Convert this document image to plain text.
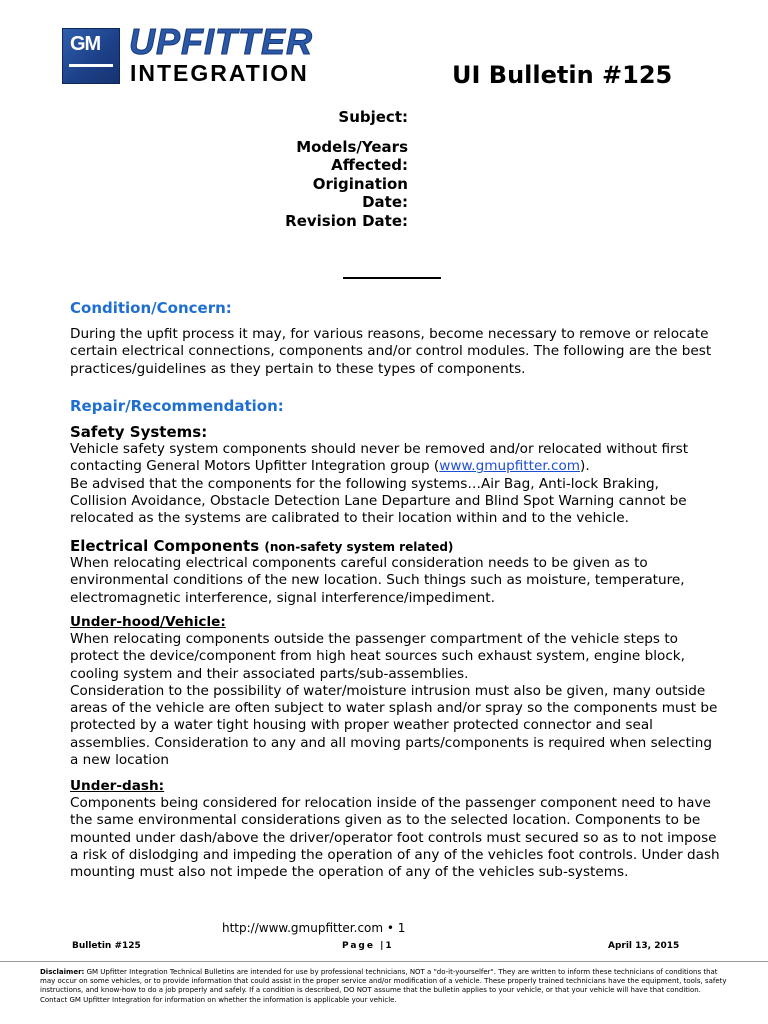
GM UPFITTER
INTEGRATION	UI Bulletin #125
Subject:
Models/Years
Affected:
Origination
Date:
Revision Date:
Condition/Concern:

During the upfit process it may, for various reasons, become necessary to remove or relocate certain electrical connections, components and/or control modules. The following are the best practices/guidelines as they pertain to these types of components.

Repair/Recommendation:
Safety Systems:

Vehicle safety system components should never be removed and/or relocated without first contacting General Motors Upfitter Integration group (www.gmupfitter.com).

Be advised that the components for the following systems…Air Bag, Anti-lock Braking, Collision Avoidance, Obstacle Detection Lane Departure and Blind Spot Warning cannot be relocated as the systems are calibrated to their location within and to the vehicle.

Electrical Components (non-safety system related)

When relocating electrical components careful consideration needs to be given as to environmental conditions of the new location. Such things such as moisture, temperature, electromagnetic interference, signal interference/impediment.

Under-hood/Vehicle:

When relocating components outside the passenger compartment of the vehicle steps to protect the device/component from high heat sources such exhaust system, engine block, cooling system and their associated parts/sub-assemblies.

Consideration to the possibility of water/moisture intrusion must also be given, many outside areas of the vehicle are often subject to water splash and/or spray so the components must be protected by a water tight housing with proper weather protected connector and seal assemblies. Consideration to any and all moving parts/components is required when selecting a new location

Under-dash:

Components being considered for relocation inside of the passenger component need to have the same environmental considerations given as to the selected location. Components to be mounted under dash/above the driver/operator foot controls must secured so as to not impose a risk of dislodging and impeding the operation of any of the vehicles foot controls. Under dash mounting must also not impede the operation of any of the vehicles sub-systems.

http://www.gmupfitter.com • 1
Bulletin #125	Page |1	April 13, 2015
Disclaimer: GM Upfitter Integration Technical Bulletins are intended for use by professional technicians, NOT a "do-it-yourselfer". They are written to inform these technicians of conditions that may occur on some vehicles, or to provide information that could assist in the proper service and/or modification of a vehicle. These properly trained technicians have the equipment, tools, safety instructions, and know-how to do a job properly and safely. If a condition is described, DO NOT assume that the bulletin applies to your vehicle, or that your vehicle will have that condition. Contact GM Upfitter Integration for information on whether the information is applicable your vehicle.
